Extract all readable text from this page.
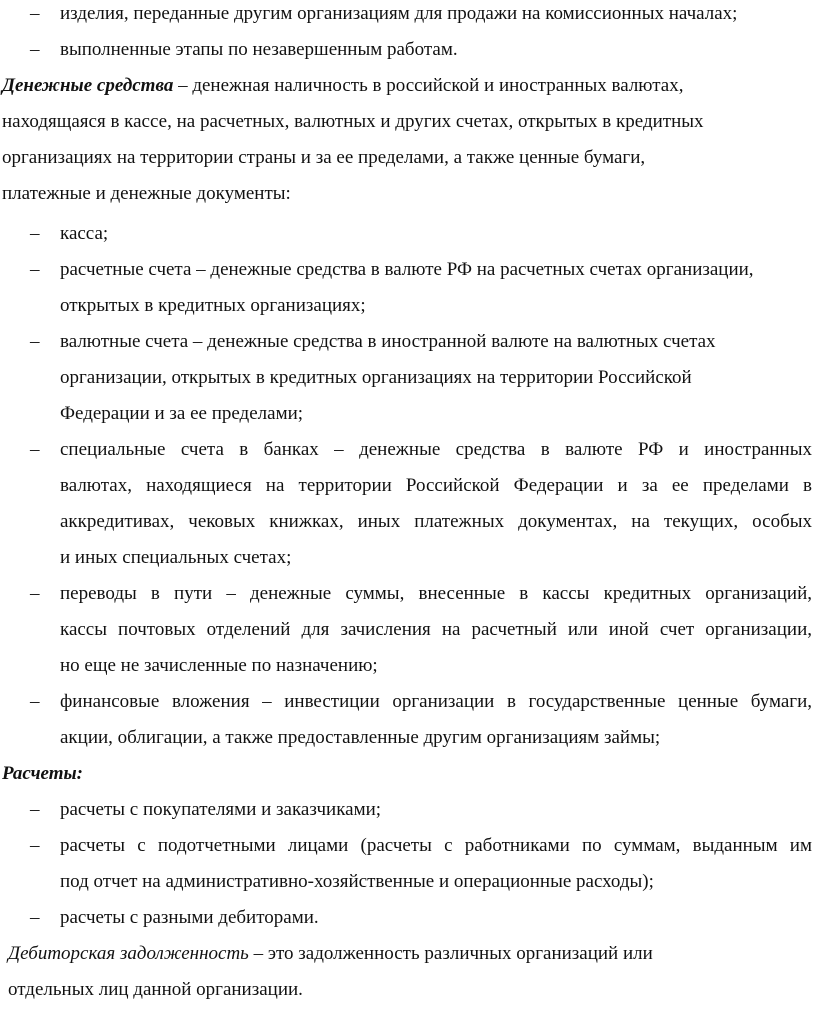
– изделия, переданные другим организациям для продажи на комиссионных началах;
– выполненные этапы по незавершенным работам.
Денежные средства – денежная наличность в российской и иностранных валютах,
находящаяся в кассе, на расчетных, валютных и других счетах, открытых в кредитных
организациях на территории страны и за ее пределами, а также ценные бумаги,
платежные и денежные документы:
– касса;
– расчетные счета – денежные средства в валюте РФ на расчетных счетах организации,
открытых в кредитных организациях;
– валютные счета – денежные средства в иностранной валюте на валютных счетах
организации, открытых в кредитных организациях на территории Российской
Федерации и за ее пределами;
– специальные счета в банках – денежные средства в валюте РФ и иностранных
валютах, находящиеся на территории Российской Федерации и за ее пределами в
аккредитивах, чековых книжках, иных платежных документах, на текущих, особых
и иных специальных счетах;
– переводы в пути – денежные суммы, внесенные в кассы кредитных организаций,
кассы почтовых отделений для зачисления на расчетный или иной счет организации,
но еще не зачисленные по назначению;
– финансовые вложения – инвестиции организации в государственные ценные бумаги,
акции, облигации, а также предоставленные другим организациям займы;
Расчеты:
– расчеты с покупателями и заказчиками;
– расчеты с подотчетными лицами (расчеты с работниками по суммам, выданным им
под отчет на административно-хозяйственные и операционные расходы);
– расчеты с разными дебиторами.
Дебиторская задолженность – это задолженность различных организаций или
отдельных лиц данной организации.
